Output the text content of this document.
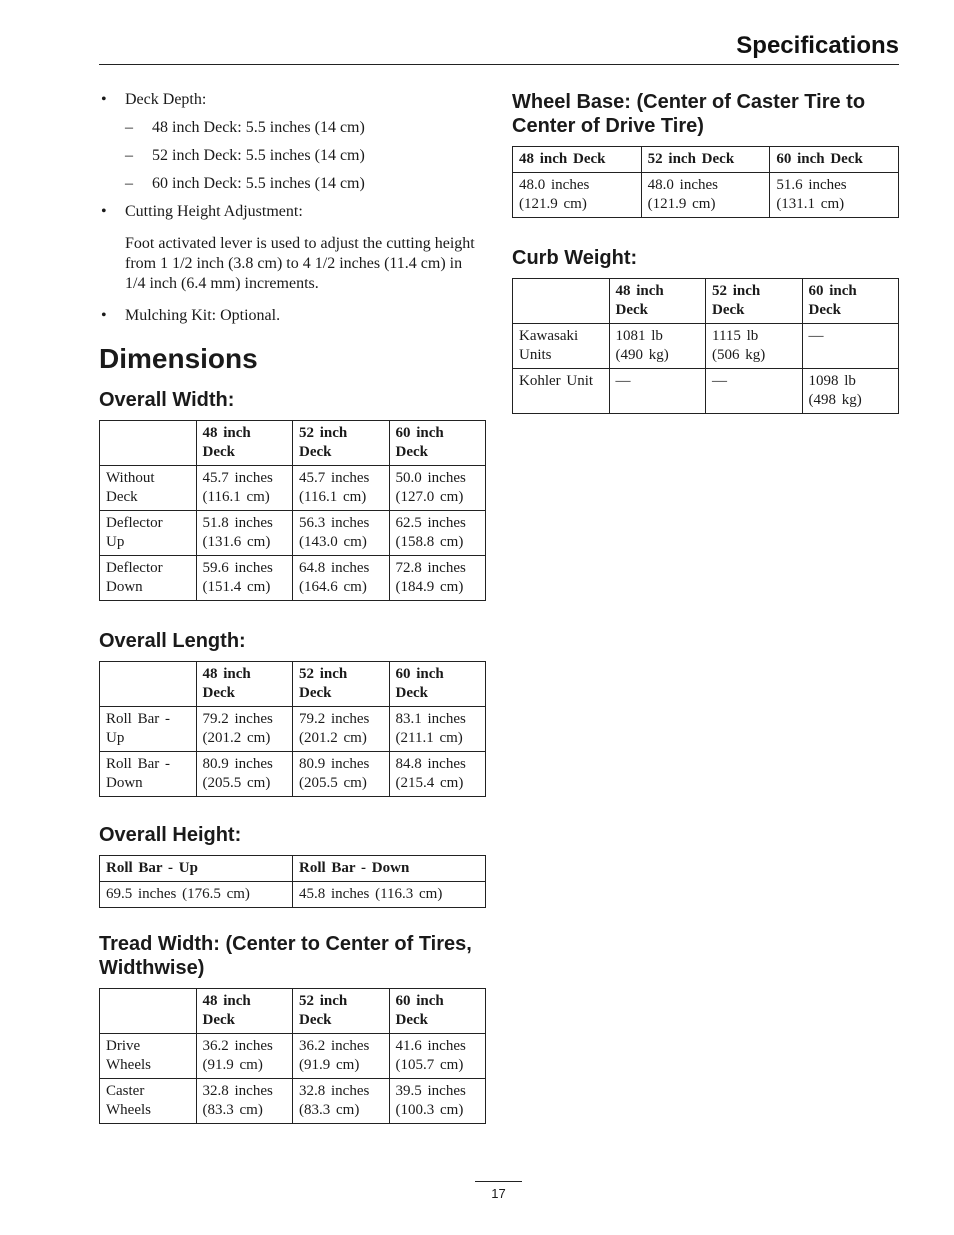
Specifications
• Deck Depth:
– 48 inch Deck: 5.5 inches (14 cm)
– 52 inch Deck: 5.5 inches (14 cm)
– 60 inch Deck: 5.5 inches (14 cm)
• Cutting Height Adjustment:
Foot activated lever is used to adjust the cutting height from 1 1/2 inch (3.8 cm) to 4 1/2 inches (11.4 cm) in 1/4 inch (6.4 mm) increments.
• Mulching Kit: Optional.
Dimensions
Overall Width:

	48 inch
Deck	52 inch
Deck	60 inch
Deck

Without
Deck	45.7 inches
(116.1 cm)	45.7 inches
(116.1 cm)	50.0 inches
(127.0 cm)

Deflector
Up	51.8 inches
(131.6 cm)	56.3 inches
(143.0 cm)	62.5 inches
(158.8 cm)

Deflector
Down	59.6 inches
(151.4 cm)	64.8 inches
(164.6 cm)	72.8 inches
(184.9 cm)
Overall Length:

	48 inch
Deck	52 inch
Deck	60 inch
Deck

Roll Bar -
Up	79.2 inches
(201.2 cm)	79.2 inches
(201.2 cm)	83.1 inches
(211.1 cm)

Roll Bar -
Down	80.9 inches
(205.5 cm)	80.9 inches
(205.5 cm)	84.8 inches
(215.4 cm)
Overall Height:
Roll Bar - Up	Roll Bar - Down

69.5 inches (176.5 cm)	45.8 inches (116.3 cm)
Tread Width: (Center to Center of Tires, Widthwise)

	48 inch
Deck	52 inch
Deck	60 inch
Deck

Drive
Wheels	36.2 inches
(91.9 cm)	36.2 inches
(91.9 cm)	41.6 inches
(105.7 cm)

Caster
Wheels	32.8 inches
(83.3 cm)	32.8 inches
(83.3 cm)	39.5 inches
(100.3 cm)
Wheel Base: (Center of Caster Tire to Center of Drive Tire)
48 inch Deck	52 inch Deck	60 inch Deck

48.0 inches
(121.9 cm)	48.0 inches
(121.9 cm)	51.6 inches
(131.1 cm)
Curb Weight:

	48 inch
Deck	52 inch
Deck	60 inch
Deck

Kawasaki
Units	1081 lb
(490 kg)	1115 lb
(506 kg)	—

Kohler Unit	—	—	1098 lb
(498 kg)
17
